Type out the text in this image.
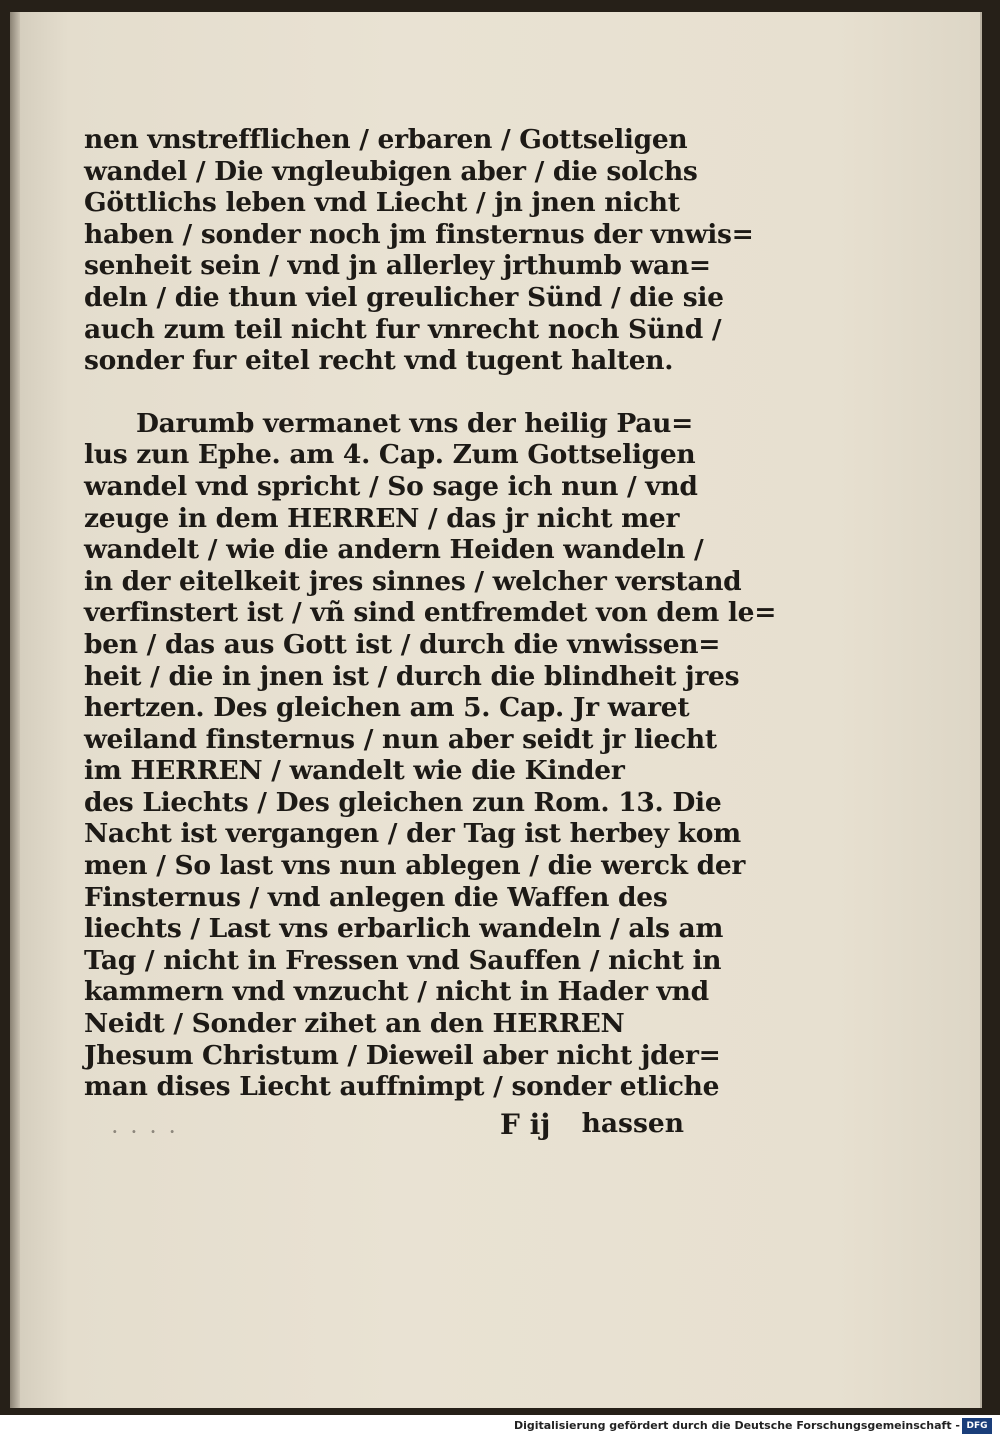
nen vnstrefflichen / erbaren / Gottseligen
wandel / Die vngleubigen aber / die solchs
Göttlichs leben vnd Liecht / jn jnen nicht
haben / sonder noch jm finsternus der vnwis=
senheit sein / vnd jn allerley jrthumb wan=
deln / die thun viel greulicher Sünd / die sie
auch zum teil nicht fur vnrecht noch Sünd /
sonder fur eitel recht vnd tugent halten.
Darumb vermanet vns der heilig Pau=
lus zun Ephe. am 4. Cap. Zum Gottseligen
wandel vnd spricht / So sage ich nun / vnd
zeuge in dem HERREN / das jr nicht mer
wandelt / wie die andern Heiden wandeln /
in der eitelkeit jres sinnes / welcher verstand
verfinstert ist / vñ sind entfremdet von dem le=
ben / das aus Gott ist / durch die vnwissen=
heit / die in jnen ist / durch die blindheit jres
hertzen. Des gleichen am 5. Cap. Jr waret
weiland finsternus / nun aber seidt jr liecht
im HERREN / wandelt wie die Kinder
des Liechts / Des gleichen zun Rom. 13. Die
Nacht ist vergangen / der Tag ist herbey kom
men / So last vns nun ablegen / die werck der
Finsternus / vnd anlegen die Waffen des
liechts / Last vns erbarlich wandeln / als am
Tag / nicht in Fressen vnd Sauffen / nicht in
kammern vnd vnzucht / nicht in Hader vnd
Neidt / Sonder zihet an den HERREN
Jhesum Christum / Dieweil aber nicht jder=
man dises Liecht auffnimpt / sonder etliche
· · · ·	F ij hassen
Digitalisierung gefördert durch die Deutsche Forschungsgemeinschaft - DFG
